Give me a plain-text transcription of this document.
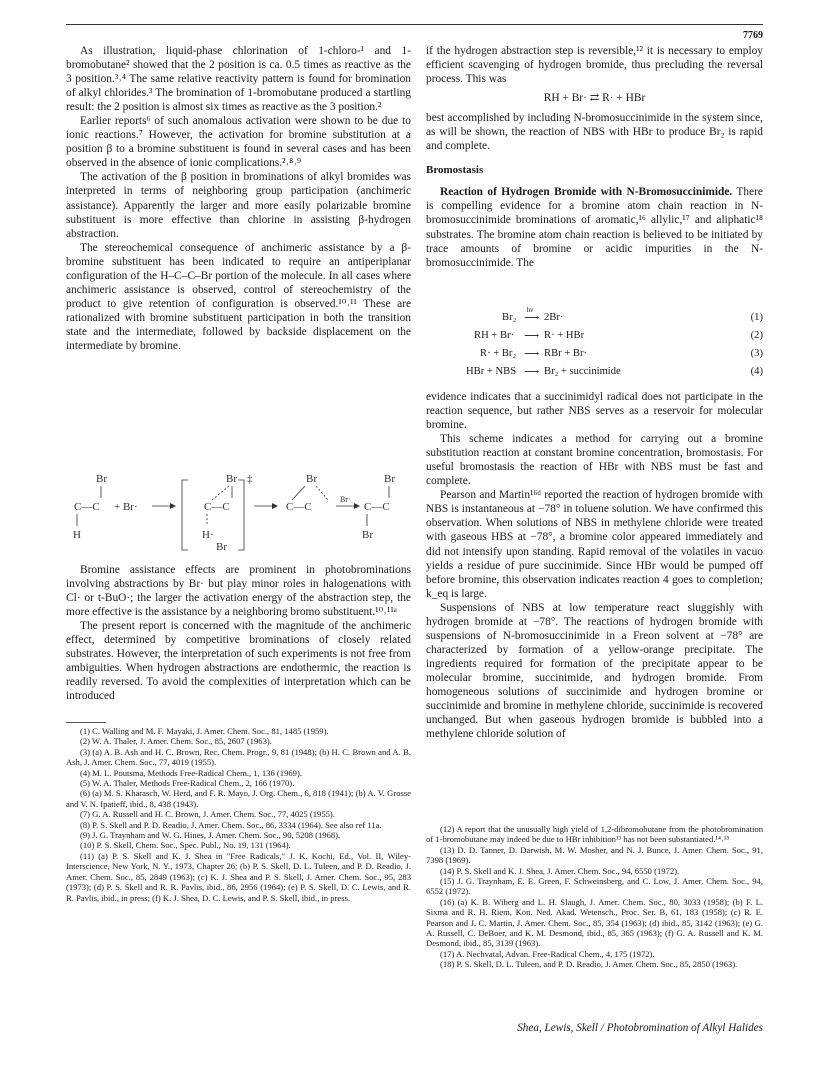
7769

As illustration, liquid-phase chlorination of 1-chloro-¹ and 1-bromobutane² showed that the 2 position is ca. 0.5 times as reactive as the 3 position.³˒⁴ The same relative reactivity pattern is found for bromination of alkyl chlorides.³ The bromination of 1-bromobutane produced a startling result: the 2 position is almost six times as reactive as the 3 position.²

Earlier reports⁶ of such anomalous activation were shown to be due to ionic reactions.⁷ However, the activation for bromine substitution at a position β to a bromine substituent is found in several cases and has been observed in the absence of ionic complications.²˒⁸˒⁹

The activation of the β position in brominations of alkyl bromides was interpreted in terms of neighboring group participation (anchimeric assistance). Apparently the larger and more easily polarizable bromine substituent is more effective than chlorine in assisting β-hydrogen abstraction.

The stereochemical consequence of anchimeric assistance by a β-bromine substituent has been indicated to require an antiperiplanar configuration of the H–C–C–Br portion of the molecule. In all cases where anchimeric assistance is observed, control of stereochemistry of the product to give retention of configuration is observed.¹⁰˒¹¹ These are rationalized with bromine substituent participation in both the transition state and the intermediate, followed by backside displacement on the intermediate by bromine.

Br
C—C
H
+ Br·
Br
C—C
H·
Br
‡	Br
C—C
Br·
Br
C—C
Br

Bromine assistance effects are prominent in photobrominations involving abstractions by Br· but play minor roles in halogenations with Cl· or t-BuO·; the larger the activation energy of the abstraction step, the more effective is the assistance by a neighboring bromo substituent.¹⁰˒¹¹ᵃ

The present report is concerned with the magnitude of the anchimeric effect, determined by competitive brominations of closely related substrates. However, the interpretation of such experiments is not free from ambiguities. When hydrogen abstractions are endothermic, the reaction is readily reversed. To avoid the complexities of interpretation which can be introduced

(1) C. Walling and M. F. Mayaki, J. Amer. Chem. Soc., 81, 1485 (1959).

(2) W. A. Thaler, J. Amer. Chem. Soc., 85, 2607 (1963).

(3) (a) A. B. Ash and H. C. Brown, Rec. Chem. Progr., 9, 81 (1948); (b) H. C. Brown and A. B. Ash, J. Amer. Chem. Soc., 77, 4019 (1955).

(4) M. L. Poutsma, Methods Free-Radical Chem., 1, 136 (1969).

(5) W. A. Thaler, Methods Free-Radical Chem., 2, 166 (1970).

(6) (a) M. S. Kharasch, W. Herd, and F. R. Mayo, J. Org. Chem., 6, 818 (1941); (b) A. V. Grosse and V. N. Ipatieff, ibid., 8, 438 (1943).

(7) G. A. Russell and H. C. Brown, J. Amer. Chem. Soc., 77, 4025 (1955).

(8) P. S. Skell and P. D. Readio, J. Amer. Chem. Soc., 86, 3334 (1964). See also ref 11a.

(9) J. G. Traynham and W. G. Hines, J. Amer. Chem. Soc., 90, 5208 (1968).

(10) P. S. Skell, Chem. Soc., Spec. Publ., No. 19, 131 (1964).

(11) (a) P. S. Skell and K. J. Shea in "Free Radicals," J. K. Kochi, Ed., Vol. II, Wiley-Interscience, New York, N. Y., 1973, Chapter 26; (b) P. S. Skell, D. L. Tuleen, and P. D. Readio, J. Amer. Chem. Soc., 85, 2849 (1963); (c) K. J. Shea and P. S. Skell, J. Amer. Chem. Soc., 95, 283 (1973); (d) P. S. Skell and R. R. Pavlis, ibid., 86, 2956 (1964); (e) P. S. Skell, D. C. Lewis, and R. R. Pavlis, ibid., in press; (f) K. J. Shea, D. C. Lewis, and P. S. Skell, ibid., in press.

if the hydrogen abstraction step is reversible,¹² it is necessary to employ efficient scavenging of hydrogen bromide, thus precluding the reversal process. This was

RH + Br· ⇄ R· + HBr

best accomplished by including N-bromosuccinimide in the system since, as will be shown, the reaction of NBS with HBr to produce Br₂ is rapid and complete.

Bromostasis

Reaction of Hydrogen Bromide with N-Bromosuccinimide. There is compelling evidence for a bromine atom chain reaction in N-bromosuccinimide brominations of aromatic,¹⁶ allylic,¹⁷ and aliphatic¹⁸ substrates. The bromine atom chain reaction is believed to be initiated by trace amounts of bromine or acidic impurities in the N-bromosuccinimide. The

hν
Br₂ ⟶ 2Br·	(1)
RH + Br· ⟶ R· + HBr	(2)
R· + Br₂ ⟶ RBr + Br·	(3)
HBr + NBS ⟶ Br₂ + succinimide	(4)

evidence indicates that a succinimidyl radical does not participate in the reaction sequence, but rather NBS serves as a reservoir for molecular bromine.

This scheme indicates a method for carrying out a bromine substitution reaction at constant bromine concentration, bromostasis. For useful bromostasis the reaction of HBr with NBS must be fast and complete.

Pearson and Martin¹⁶ᵈ reported the reaction of hydrogen bromide with NBS is instantaneous at −78° in toluene solution. We have confirmed this observation. When solutions of NBS in methylene chloride were treated with gaseous HBS at −78°, a bromine color appeared immediately and did not intensify upon standing. Rapid removal of the volatiles in vacuo yields a residue of pure succinimide. Since HBr would be pumped off before bromine, this observation indicates reaction 4 goes to completion; k_eq is large.

Suspensions of NBS at low temperature react sluggishly with hydrogen bromide at −78°. The reactions of hydrogen bromide with suspensions of N-bromosuccinimide in a Freon solvent at −78° are characterized by formation of a yellow-orange precipitate. The ingredients required for formation of the precipitate appear to be molecular bromine, succinimide, and hydrogen bromide. From homogeneous solutions of succinimide and hydrogen bromine or succinimide and bromine in methylene chloride, succinimide is recovered unchanged. But when gaseous hydrogen bromide is bubbled into a methylene chloride solution of

(12) A report that the unusually high yield of 1,2-dibromobutane from the photobromination of 1-bromobutane may indeed be due to HBr inhibition¹³ has not been substantiated.¹⁴˒¹⁵

(13) D. D. Tanner, D. Darwish, M. W. Mosher, and N. J. Bunce, J. Amer. Chem. Soc., 91, 7398 (1969).

(14) P. S. Skell and K. J. Shea, J. Amer. Chem. Soc., 94, 6550 (1972).

(15) J. G. Traynham, E. E. Green, F. Schweinsberg, and C. Low, J. Amer. Chem. Soc., 94, 6552 (1972).

(16) (a) K. B. Wiberg and L. H. Slaugh, J. Amer. Chem. Soc., 80, 3033 (1958); (b) F. L. Sixma and R. H. Riem, Kon. Ned. Akad. Wetensch., Proc. Ser. B, 61, 183 (1958); (c) R. E. Pearson and J. C. Martin, J. Amer. Chem. Soc., 85, 354 (1963); (d) ibid., 85, 3142 (1963); (e) G. A. Russell, C. DeBoer, and K. M. Desmond, ibid., 85, 365 (1963); (f) G. A. Russell and K. M. Desmond, ibid., 85, 3139 (1963).

(17) A. Nechvatal, Advan. Free-Radical Chem., 4, 175 (1972).

(18) P. S. Skell, D. L. Tuleen, and P. D. Readio, J. Amer. Chem. Soc., 85, 2850 (1963).

Shea, Lewis, Skell / Photobromination of Alkyl Halides
